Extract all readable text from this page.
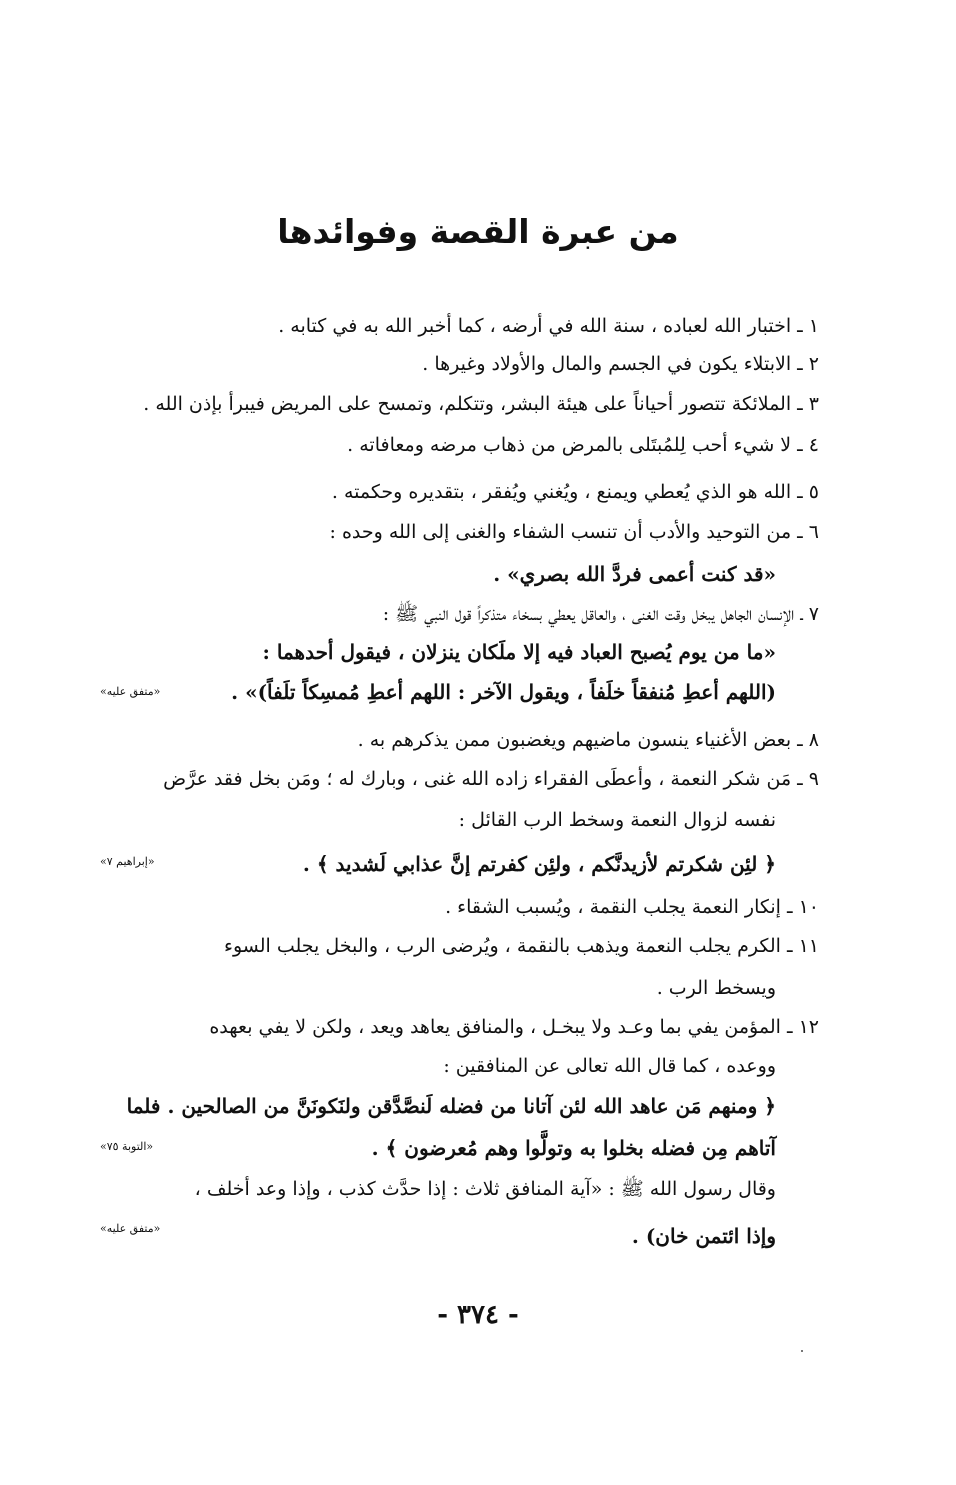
من عبرة القصة وفوائدها
١ ـ اختبار الله لعباده ، سنة الله في أرضه ، كما أخبر الله به في كتابه .
٢ ـ الابتلاء يكون في الجسم والمال والأولاد وغيرها .
٣ ـ الملائكة تتصور أحياناً على هيئة البشر، وتتكلم، وتمسح على المريض فيبرأ بإذن الله .
٤ ـ لا شيء أحب لِلمُبتَلى بالمرض من ذهاب مرضه ومعافاته .
٥ ـ الله هو الذي يُعطي ويمنع ، ويُغني ويُفقر ، بتقديره وحكمته .
٦ ـ من التوحيد والأدب أن تنسب الشفاء والغنى إلى الله وحده :
«قد كنت أعمى فردَّ الله بصري» .
٧ ـ الإنسان الجاهل يبخل وقت الغنى ، والعاقل يعطي بسخاء متذكراً قول النبي ﷺ :
«ما من يوم يُصبح العباد فيه إلا ملَكان ينزلان ، فيقول أحدهما :
(اللهم أعطِ مُنفقاً خلَفاً ، ويقول الآخر : اللهم أعطِ مُمسِكاً تلَفاً)» .
«متفق عليه»
٨ ـ بعض الأغنياء ينسون ماضيهم ويغضبون ممن يذكرهم به .
٩ ـ مَن شكر النعمة ، وأعطَى الفقراء زاده الله غنى ، وبارك له ؛ ومَن بخل فقد عرَّض
نفسه لزوال النعمة وسخط الرب القائل :
﴿ لئِن شكرتم لأزيدنَّكم ، ولئِن كفرتم إنَّ عذابي لَشديد ﴾ .
«إبراهيم ٧»
١٠ ـ إنكار النعمة يجلب النقمة ، ويُسبب الشقاء .
١١ ـ الكرم يجلب النعمة ويذهب بالنقمة ، ويُرضى الرب ، والبخل يجلب السوء
ويسخط الرب .
١٢ ـ المؤمن يفي بما وعـد ولا يبخـل ، والمنافق يعاهد ويعد ، ولكن لا يفي بعهده
ووعده ، كما قال الله تعالى عن المنافقين :
﴿ ومنهم مَن عاهد الله لئن آتانا من فضله لَنصَّدَّقن ولنَكونَنَّ من الصالحين . فلما
آتاهم مِن فضله بخلوا به وتولَّوا وهم مُعرضون ﴾ .
«التوبة ٧٥»
وقال رسول الله ﷺ : «آية المنافق ثلاث : إذا حدَّث كذب ، وإذا وعد أخلف ،
وإذا ائتمن خان) .
«متفق عليه»
- ٣٧٤ -
